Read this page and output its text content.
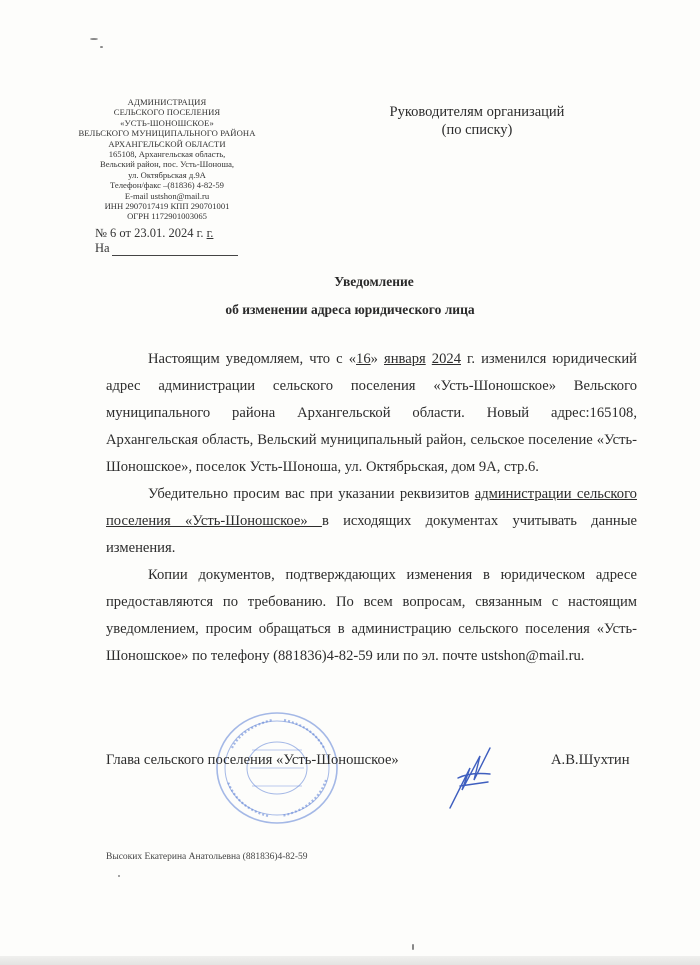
АДМИНИСТРАЦИЯ
СЕЛЬСКОГО ПОСЕЛЕНИЯ
«УСТЬ-ШОНОШСКОЕ»
ВЕЛЬСКОГО МУНИЦИПАЛЬНОГО РАЙОНА
АРХАНГЕЛЬСКОЙ ОБЛАСТИ
165108, Архангельская область,
Вельский район, пос. Усть-Шоноша,
ул. Октябрьская д.9А
Телефон/факс –(81836) 4-82-59
E-mail ustshon@mail.ru
ИНН 2907017419 КПП 290701001
ОГРН 1172901003065
№ 6 от 23.01. 2024 г. г.
На
Руководителям организаций
(по списку)
Уведомление
об изменении адреса юридического лица

Настоящим уведомляем, что с «16» января 2024 г. изменился юридический адрес администрации сельского поселения «Усть-Шоношское» Вельского муниципального района Архангельской области. Новый адрес:165108, Архангельская область, Вельский муниципальный район, сельское поселение «Усть-Шоношское», поселок Усть-Шоноша, ул. Октябрьская, дом 9А, стр.6.

Убедительно просим вас при указании реквизитов администрации сельского поселения «Усть-Шоношское» в исходящих документах учитывать данные изменения.

Копии документов, подтверждающих изменения в юридическом адресе предоставляются по требованию. По всем вопросам, связанным с настоящим уведомлением, просим обращаться в администрацию сельского поселения «Усть-Шоношское» по телефону (881836)4-82-59 или по эл. почте ustshon@mail.ru.

Глава сельского поселения «Усть-Шоношское»	А.В.Шухтин
Высоких Екатерина Анатольевна (881836)4-82-59
